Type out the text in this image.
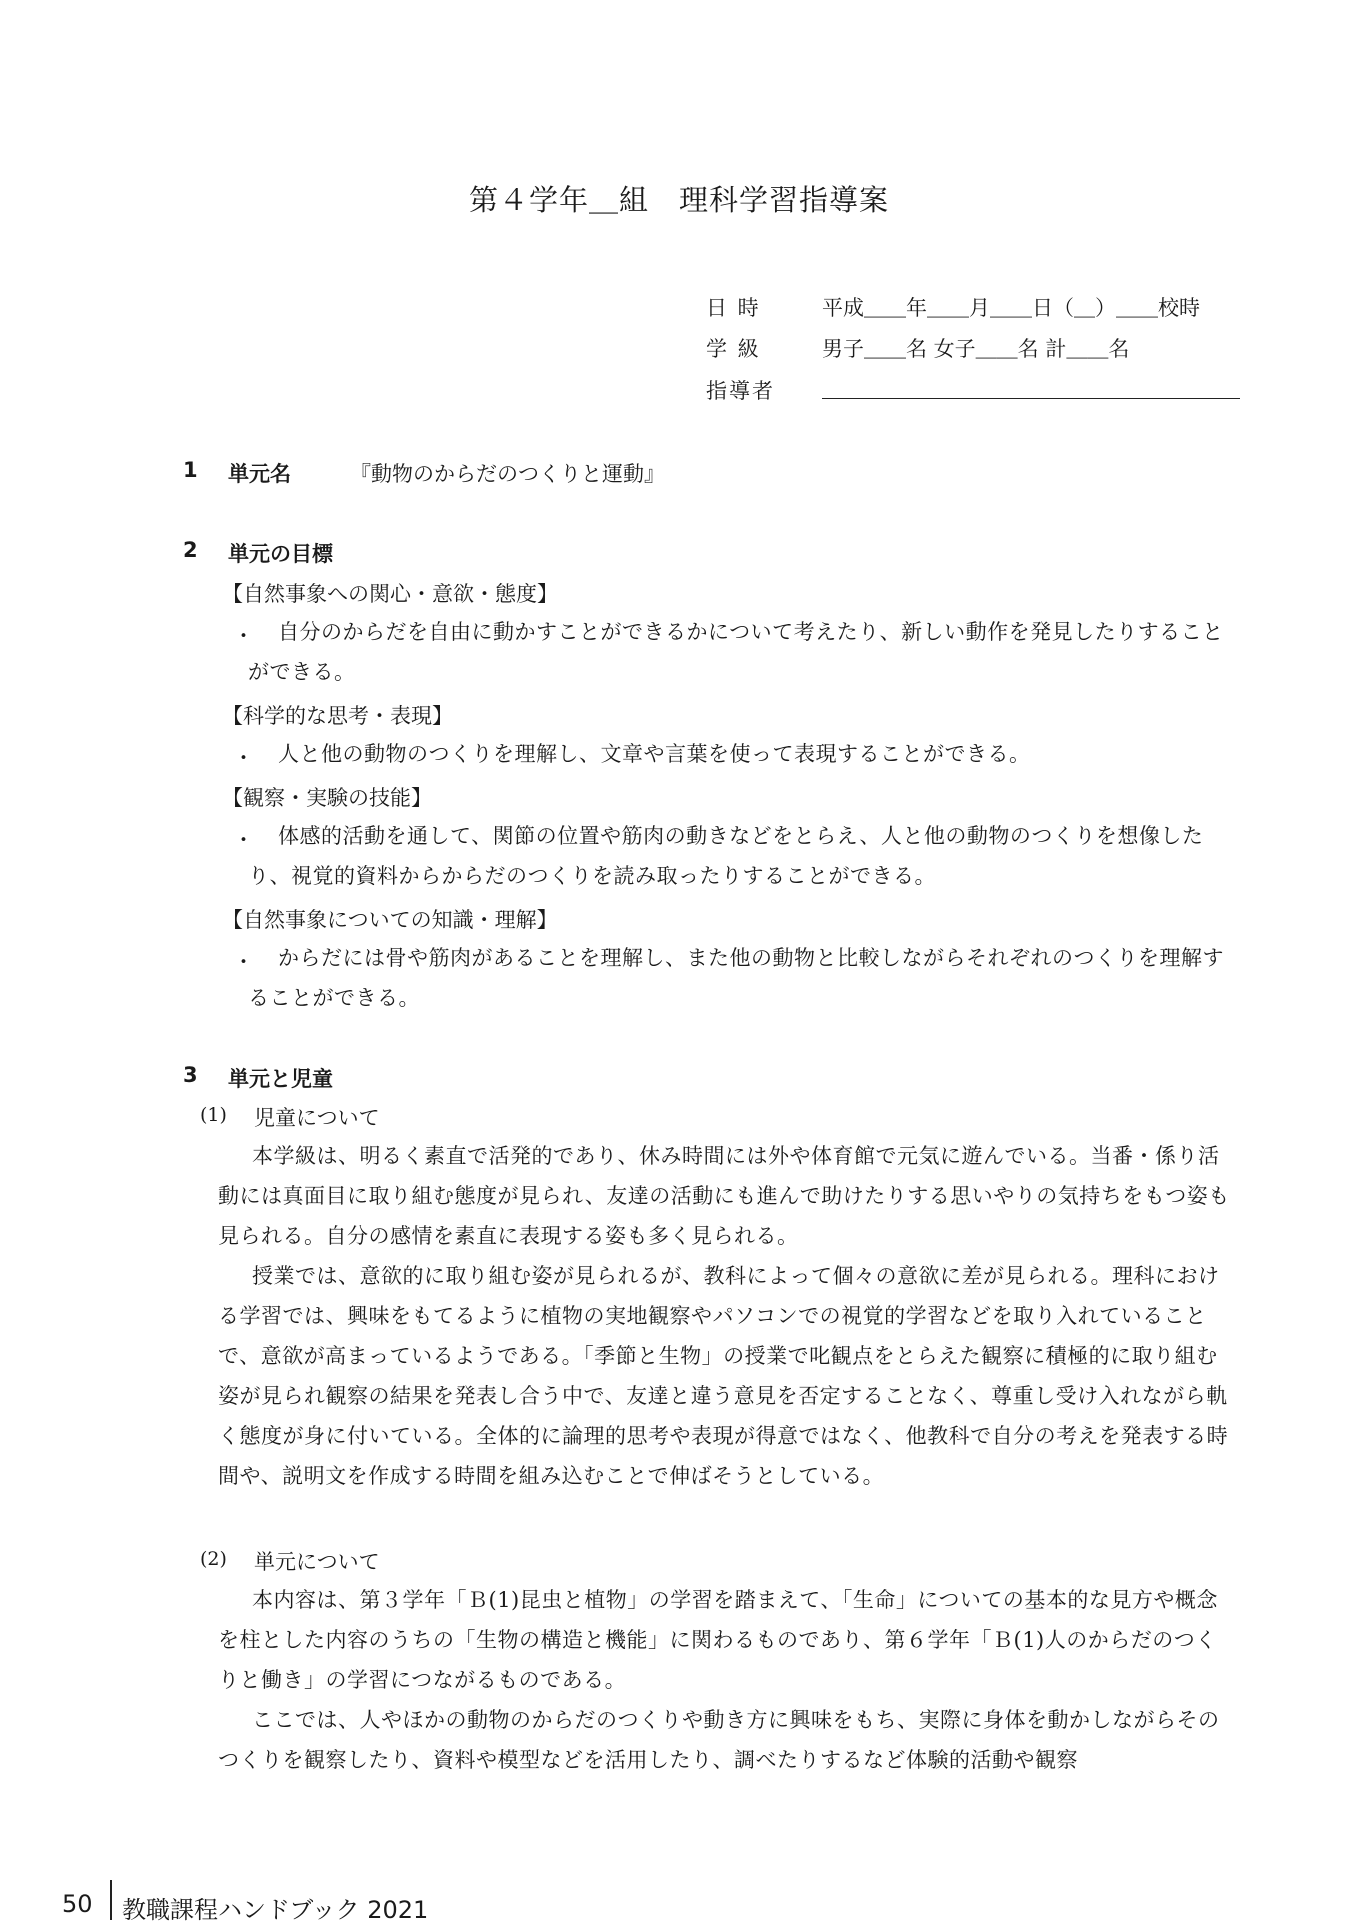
第４学年＿組　理科学習指導案
日 時	平成＿＿年＿＿月＿＿日（＿）＿＿校時
学 級	男子＿＿名 女子＿＿名 計＿＿名
指導者
1 単元名	『動物のからだのつくりと運動』
2 単元の目標
【自然事象への関心・意欲・態度】
・	自分のからだを自由に動かすことができるかについて考えたり、新しい動作を発見したりすることができる。
【科学的な思考・表現】
・	人と他の動物のつくりを理解し、文章や言葉を使って表現することができる。
【観察・実験の技能】
・	体感的活動を通して、関節の位置や筋肉の動きなどをとらえ、人と他の動物のつくりを想像したり、視覚的資料からからだのつくりを読み取ったりすることができる。
【自然事象についての知識・理解】
・	からだには骨や筋肉があることを理解し、また他の動物と比較しながらそれぞれのつくりを理解することができる。
3 単元と児童
(1) 児童について
本学級は、明るく素直で活発的であり、休み時間には外や体育館で元気に遊んでいる。当番・係り活動には真面目に取り組む態度が見られ、友達の活動にも進んで助けたりする思いやりの気持ちをもつ姿も見られる。自分の感情を素直に表現する姿も多く見られる。
授業では、意欲的に取り組む姿が見られるが、教科によって個々の意欲に差が見られる。理科における学習では、興味をもてるように植物の実地観察やパソコンでの視覚的学習などを取り入れていることで、意欲が高まっているようである。「季節と生物」の授業で叱観点をとらえた観察に積極的に取り組む姿が見られ観察の結果を発表し合う中で、友達と違う意見を否定することなく、尊重し受け入れながら軌く態度が身に付いている。全体的に論理的思考や表現が得意ではなく、他教科で自分の考えを発表する時間や、説明文を作成する時間を組み込むことで伸ばそうとしている。
(2) 単元について
本内容は、第３学年「Ｂ(1)昆虫と植物」の学習を踏まえて、「生命」についての基本的な見方や概念を柱とした内容のうちの「生物の構造と機能」に関わるものであり、第６学年「Ｂ(1)人のからだのつくりと働き」の学習につながるものである。
ここでは、人やほかの動物のからだのつくりや動き方に興味をもち、実際に身体を動かしながらそのつくりを観察したり、資料や模型などを活用したり、調べたりするなど体験的活動や観察
50 教職課程ハンドブック 2021
